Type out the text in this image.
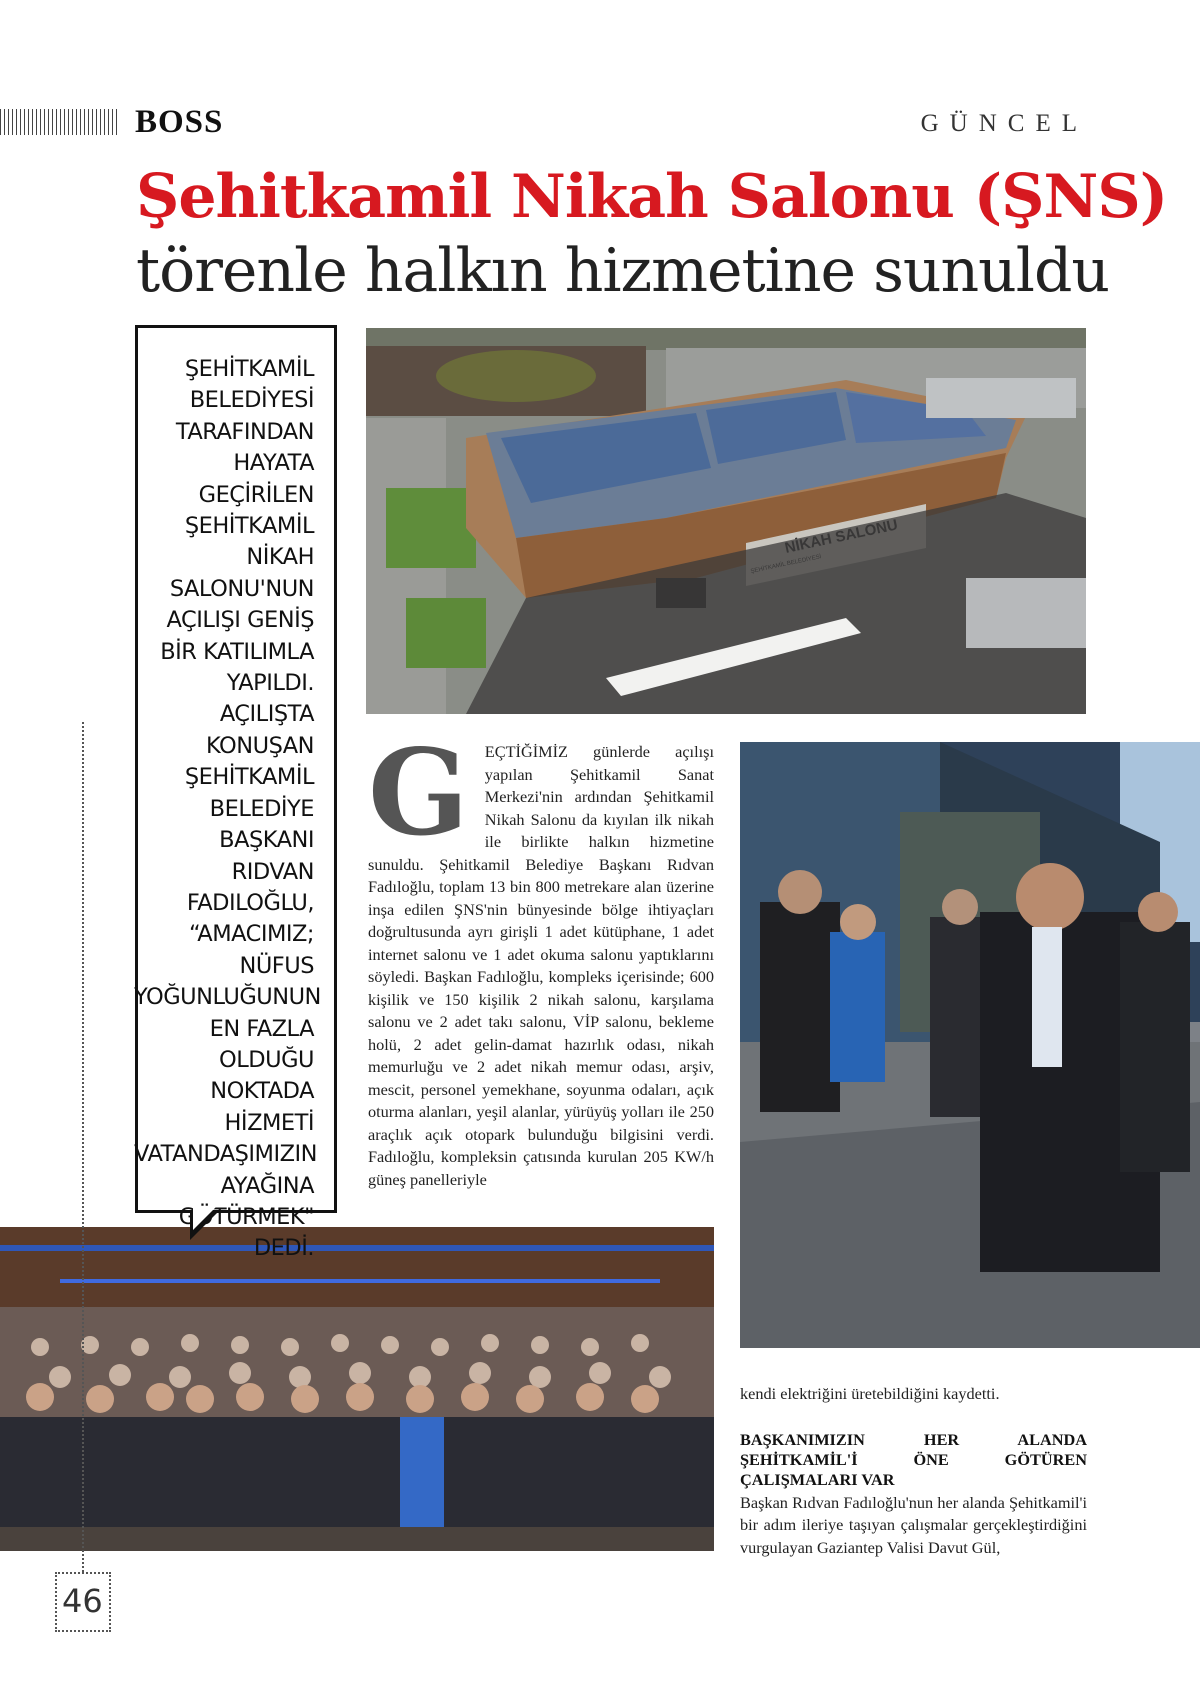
BOSS	GÜNCEL
Şehitkamil Nikah Salonu (ŞNS)
törenle halkın hizmetine sunuldu
ŞEHİTKAMİL BELEDİYESİ TARAFINDAN HAYATA GEÇİRİLEN ŞEHİTKAMİL NİKAH SALONU'NUN AÇILIŞI GENİŞ BİR KATILIMLA YAPILDI. AÇILIŞTA KONUŞAN ŞEHİTKAMİL BELEDİYE BAŞKANI RIDVAN FADILOĞLU, “AMACIMIZ; NÜFUS YOĞUNLUĞUNUN EN FAZLA OLDUĞU NOKTADA HİZMETİ VATANDAŞIMIZIN AYAĞINA GÖTÜRMEK" DEDİ.
G EÇTİĞİMİZ günlerde açılışı yapılan Şehitkamil Sanat Merkezi'nin ardından Şehitkamil Nikah Salonu da kıyılan ilk nikah ile birlikte halkın hizmetine sunuldu. Şehitkamil Belediye Başkanı Rıdvan Fadıloğlu, toplam 13 bin 800 metrekare alan üzerine inşa edilen ŞNS'nin bünyesinde bölge ihtiyaçları doğrultusunda ayrı girişli 1 adet kütüphane, 1 adet internet salonu ve 1 adet okuma salonu yaptıklarını söyledi. Başkan Fadıloğlu, kompleks içerisinde; 600 kişilik ve 150 kişilik 2 nikah salonu, karşılama salonu ve 2 adet takı salonu, VİP salonu, bekleme holü, 2 adet gelin-damat hazırlık odası, nikah memurluğu ve 2 adet nikah memur odası, arşiv, mescit, personel yemekhane, soyunma odaları, açık oturma alanları, yeşil alanlar, yürüyüş yolları ile 250 araçlık açık otopark bulunduğu bilgisini verdi. Fadıloğlu, kompleksin çatısında kurulan 205 KW/h güneş panelleriyle

kendi elektriğini üretebildiğini kaydetti.

BAŞKANIMIZIN HER ALANDA ŞEHİTKAMİL'İ ÖNE GÖTÜREN ÇALIŞMALARI VAR

Başkan Rıdvan Fadıloğlu'nun her alanda Şehitkamil'i bir adım ileriye taşıyan çalışmalar gerçekleştirdiğini vurgulayan Gaziantep Valisi Davut Gül,

46
